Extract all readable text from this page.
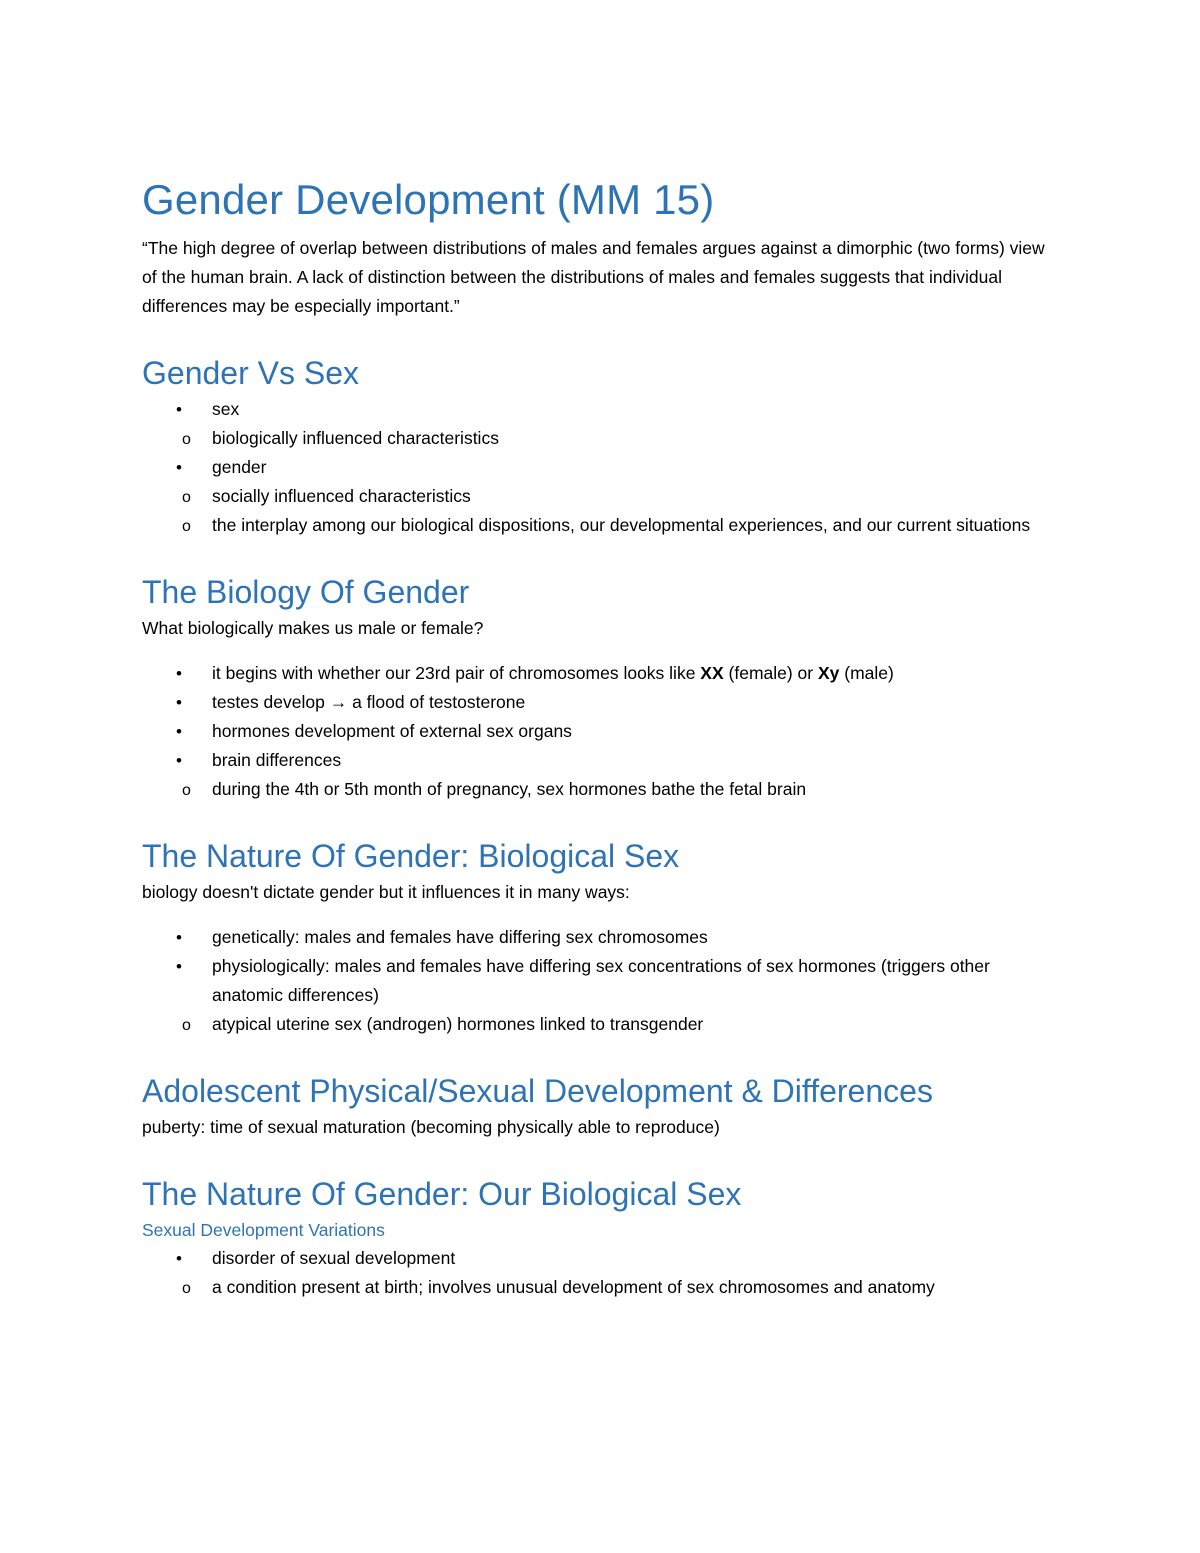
Gender Development (MM 15)

“The high degree of overlap between distributions of males and females argues against a dimorphic (two forms) view of the human brain. A lack of distinction between the distributions of males and females suggests that individual differences may be especially important.”

Gender Vs Sex
• sex
o biologically influenced characteristics
• gender
o socially influenced characteristics
o the interplay among our biological dispositions, our developmental experiences, and our current situations
The Biology Of Gender

What biologically makes us male or female?

• it begins with whether our 23rd pair of chromosomes looks like XX (female) or Xy (male)
• testes develop → a flood of testosterone
• hormones development of external sex organs
• brain differences
o during the 4th or 5th month of pregnancy, sex hormones bathe the fetal brain
The Nature Of Gender: Biological Sex

biology doesn't dictate gender but it influences it in many ways:

• genetically: males and females have differing sex chromosomes
• physiologically: males and females have differing sex concentrations of sex hormones (triggers other anatomic differences)
o atypical uterine sex (androgen) hormones linked to transgender
Adolescent Physical/Sexual Development & Differences

puberty: time of sexual maturation (becoming physically able to reproduce)

The Nature Of Gender: Our Biological Sex
Sexual Development Variations
• disorder of sexual development
o a condition present at birth; involves unusual development of sex chromosomes and anatomy
